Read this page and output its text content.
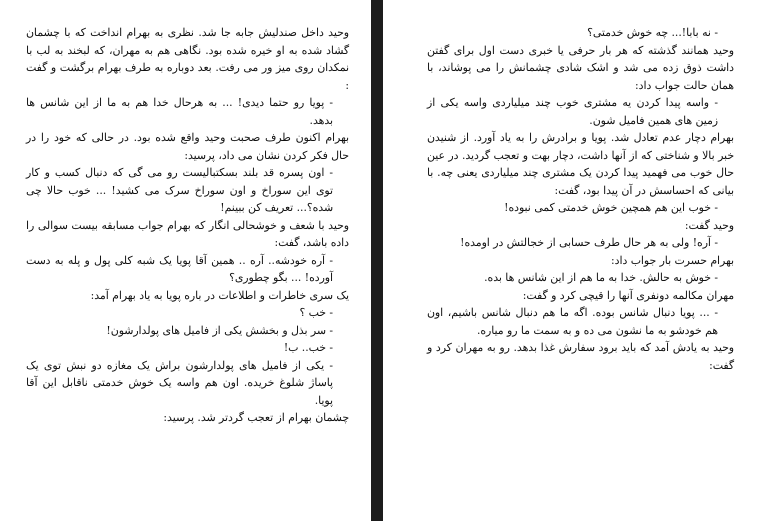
وحید داخل صندلیش جابه جا شد. نظری به بهرام انداخت که با چشمان گشاد شده به او خیره شده بود. نگاهی هم به مهران، که لبخند به لب با نمکدان روی میز ور می رفت. بعد دوباره به طرف بهرام برگشت و گفت :

- پویا رو حتما دیدی! ... به هرحال خدا هم به ما از این شانس ها بدهد.

بهرام اکنون طرف صحبت وحید واقع شده بود. در حالی که خود را در حال فکر کردن نشان می داد، پرسید:

- اون پسره قد بلند بسکتبالیست رو می گی که دنبال کسب و کار توی این سوراخ و اون سوراخ سرک می کشید! ... خوب حالا چی شده؟... تعریف کن ببینم!

وحید با شعف و خوشحالی انگار که بهرام جواب مسابقه بیست سوالی را داده باشد، گفت:

- آره خودشه.. آره .. همین آقا پویا یک شبه کلی پول و پله به دست آورده! ... بگو چطوری؟

یک سری خاطرات و اطلاعات در باره پویا به یاد بهرام آمد:

- خب ؟

- سر بذل و بخشش یکی از فامیل های پولدارشون!

- خب.. ب!

- یکی از فامیل های پولدارشون براش یک مغازه دو نبش توی یک پاساژ شلوغ خریده. اون هم واسه یک خوش خدمتی ناقابل این آقا پویا.

چشمان بهرام از تعجب گردتر شد. پرسید:

- نه بابا!... چه خوش خدمتی؟

وحید همانند گذشته که هر بار حرفی یا خبری دست اول برای گفتن داشت ذوق زده می شد و اشک شادی چشمانش را می پوشاند، با همان حالت جواب داد:

- واسه پیدا کردن یه مشتری خوب چند میلیاردی واسه یکی از زمین های همین فامیل شون.

بهرام دچار عدم تعادل شد. پویا و برادرش را به یاد آورد. از شنیدن خبر بالا و شناختی که از آنها داشت، دچار بهت و تعجب گردید. در عین حال خوب می فهمید پیدا کردن یک مشتری چند میلیاردی یعنی چه. با بیانی که احساسش در آن پیدا بود، گفت:

- خوب این هم همچین خوش خدمتی کمی نبوده!

وحید گفت:

- آره! ولی به هر حال طرف حسابی از خجالتش در اومده!

بهرام حسرت بار جواب داد:

- خوش به حالش. خدا به ما هم از این شانس ها بده.

مهران مکالمه دونفری آنها را قیچی کرد و گفت:

- ... پویا دنبال شانس بوده. اگه ما هم دنبال شانس باشیم، اون هم خودشو به ما نشون می ده و به سمت ما رو میاره.

وحید به یادش آمد که باید برود سفارش غذا بدهد. رو به مهران کرد و گفت:
